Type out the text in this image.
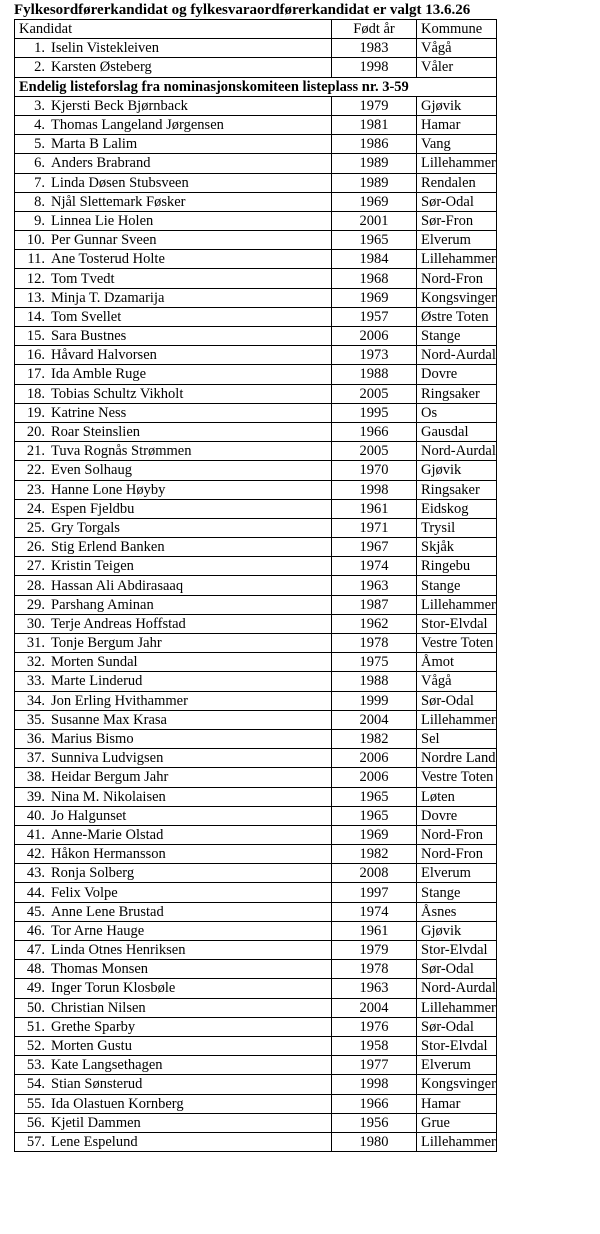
Fylkesordførerkandidat og fylkesvaraordførerkandidat er valgt 13.6.26
Kandidat	Født år	Kommune
1. Iselin Vistekleiven	1983	Vågå
2. Karsten Østeberg	1998	Våler
Endelig listeforslag fra nominasjonskomiteen listeplass nr. 3-59		
3. Kjersti Beck Bjørnback	1979	Gjøvik
4. Thomas Langeland Jørgensen	1981	Hamar
5. Marta B Lalim	1986	Vang
6. Anders Brabrand	1989	Lillehammer
7. Linda Døsen Stubsveen	1989	Rendalen
8. Njål Slettemark Føsker	1969	Sør-Odal
9. Linnea Lie Holen	2001	Sør-Fron
10. Per Gunnar Sveen	1965	Elverum
11. Ane Tosterud Holte	1984	Lillehammer
12. Tom Tvedt	1968	Nord-Fron
13. Minja T. Dzamarija	1969	Kongsvinger
14. Tom Svellet	1957	Østre Toten
15. Sara Bustnes	2006	Stange
16. Håvard Halvorsen	1973	Nord-Aurdal
17. Ida Amble Ruge	1988	Dovre
18. Tobias Schultz Vikholt	2005	Ringsaker
19. Katrine Ness	1995	Os
20. Roar Steinslien	1966	Gausdal
21. Tuva Rognås Strømmen	2005	Nord-Aurdal
22. Even Solhaug	1970	Gjøvik
23. Hanne Lone Høyby	1998	Ringsaker
24. Espen Fjeldbu	1961	Eidskog
25. Gry Torgals	1971	Trysil
26. Stig Erlend Banken	1967	Skjåk
27. Kristin Teigen	1974	Ringebu
28. Hassan Ali Abdirasaaq	1963	Stange
29. Parshang Aminan	1987	Lillehammer
30. Terje Andreas Hoffstad	1962	Stor-Elvdal
31. Tonje Bergum Jahr	1978	Vestre Toten
32. Morten Sundal	1975	Åmot
33. Marte Linderud	1988	Vågå
34. Jon Erling Hvithammer	1999	Sør-Odal
35. Susanne Max Krasa	2004	Lillehammer
36. Marius Bismo	1982	Sel
37. Sunniva Ludvigsen	2006	Nordre Land
38. Heidar Bergum Jahr	2006	Vestre Toten
39. Nina M. Nikolaisen	1965	Løten
40. Jo Halgunset	1965	Dovre
41. Anne-Marie Olstad	1969	Nord-Fron
42. Håkon Hermansson	1982	Nord-Fron
43. Ronja Solberg	2008	Elverum
44. Felix Volpe	1997	Stange
45. Anne Lene Brustad	1974	Åsnes
46. Tor Arne Hauge	1961	Gjøvik
47. Linda Otnes Henriksen	1979	Stor-Elvdal
48. Thomas Monsen	1978	Sør-Odal
49. Inger Torun Klosbøle	1963	Nord-Aurdal
50. Christian Nilsen	2004	Lillehammer
51. Grethe Sparby	1976	Sør-Odal
52. Morten Gustu	1958	Stor-Elvdal
53. Kate Langsethagen	1977	Elverum
54. Stian Sønsterud	1998	Kongsvinger
55. Ida Olastuen Kornberg	1966	Hamar
56. Kjetil Dammen	1956	Grue
57. Lene Espelund	1980	Lillehammer
